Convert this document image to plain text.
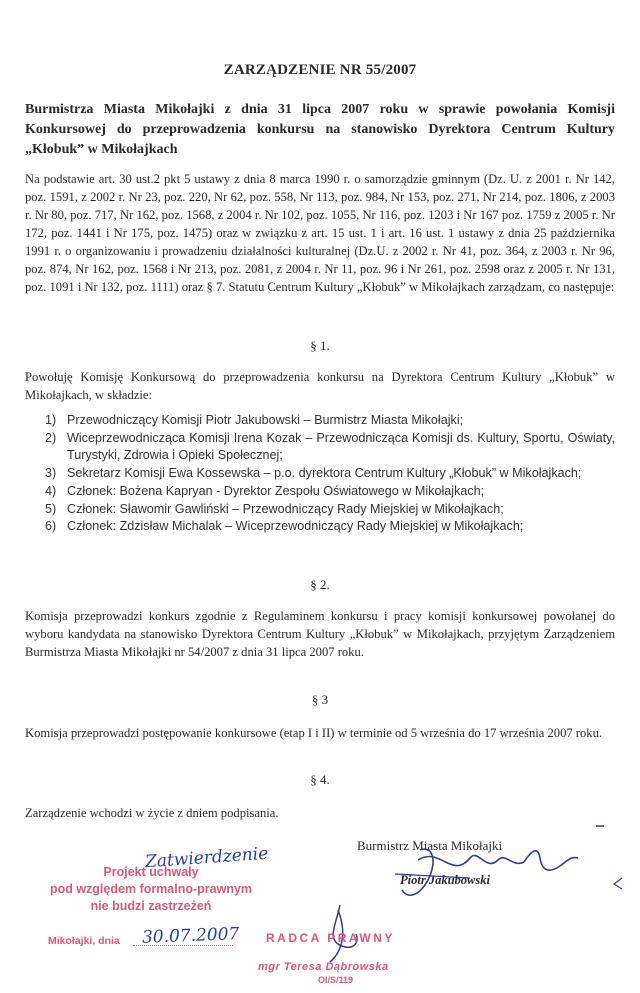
ZARZĄDZENIE NR 55/2007
Burmistrza Miasta Mikołajki z dnia 31 lipca 2007 roku w sprawie powołania Komisji Konkursowej do przeprowadzenia konkursu na stanowisko Dyrektora Centrum Kultury „Kłobuk” w Mikołajkach
Na podstawie art. 30 ust.2 pkt 5 ustawy z dnia 8 marca 1990 r. o samorządzie gminnym (Dz. U. z 2001 r. Nr 142, poz. 1591, z 2002 r. Nr 23, poz. 220, Nr 62, poz. 558, Nr 113, poz. 984, Nr 153, poz. 271, Nr 214, poz. 1806, z 2003 r. Nr 80, poz. 717, Nr 162, poz. 1568, z 2004 r. Nr 102, poz. 1055, Nr 116, poz. 1203 i Nr 167 poz. 1759 z 2005 r. Nr 172, poz. 1441 i Nr 175, poz. 1475) oraz w związku z art. 15 ust. 1 i art. 16 ust. 1 ustawy z dnia 25 października 1991 r. o organizowaniu i prowadzeniu działalności kulturalnej (Dz.U. z 2002 r. Nr 41, poz. 364, z 2003 r. Nr 96, poz. 874, Nr 162, poz. 1568 i Nr 213, poz. 2081, z 2004 r. Nr 11, poz. 96 i Nr 261, poz. 2598 oraz z 2005 r. Nr 131, poz. 1091 i Nr 132, poz. 1111) oraz § 7. Statutu Centrum Kultury „Kłobuk” w Mikołajkach zarządzam, co następuje:
§ 1.
Powołuję Komisję Konkursową do przeprowadzenia konkursu na Dyrektora Centrum Kultury „Kłobuk” w Mikołajkach, w składzie:
1) Przewodniczący Komisji Piotr Jakubowski – Burmistrz Miasta Mikołajki;
2) Wiceprzewodnicząca Komisji Irena Kozak – Przewodnicząca Komisji ds. Kultury, Sportu, Oświaty, Turystyki, Zdrowia i Opieki Społecznej;
3) Sekretarz Komisji Ewa Kossewska – p.o. dyrektora Centrum Kultury „Kłobuk” w Mikołajkach;
4) Członek: Bożena Kapryan - Dyrektor Zespołu Oświatowego w Mikołajkach;
5) Członek: Sławomir Gawliński – Przewodniczący Rady Miejskiej w Mikołajkach;
6) Członek: Zdzisław Michalak – Wiceprzewodniczący Rady Miejskiej w Mikołajkach;
§ 2.
Komisja przeprowadzi konkurs zgodnie z Regulaminem konkursu i pracy komisji konkursowej powołanej do wyboru kandydata na stanowisko Dyrektora Centrum Kultury „Kłobuk” w Mikołajkach, przyjętym Zarządzeniem Burmistrza Miasta Mikołajki nr 54/2007 z dnia 31 lipca 2007 roku.
§ 3
Komisja przeprowadzi postępowanie konkursowe (etap I i II) w terminie od 5 września do 17 września 2007 roku.
§ 4.
Zarządzenie wchodzi w życie z dniem podpisania.
Burmistrz Miasta Mikołajki
Piotr Jakubowski
Zatwierdzenie
Projekt uchwały
pod względem formalno-prawnym
nie budzi zastrzeżeń
Mikołajki, dnia 30.07.2007 RADCA PRAWNY
mgr Teresa Dąbrowska
OI/S/119
